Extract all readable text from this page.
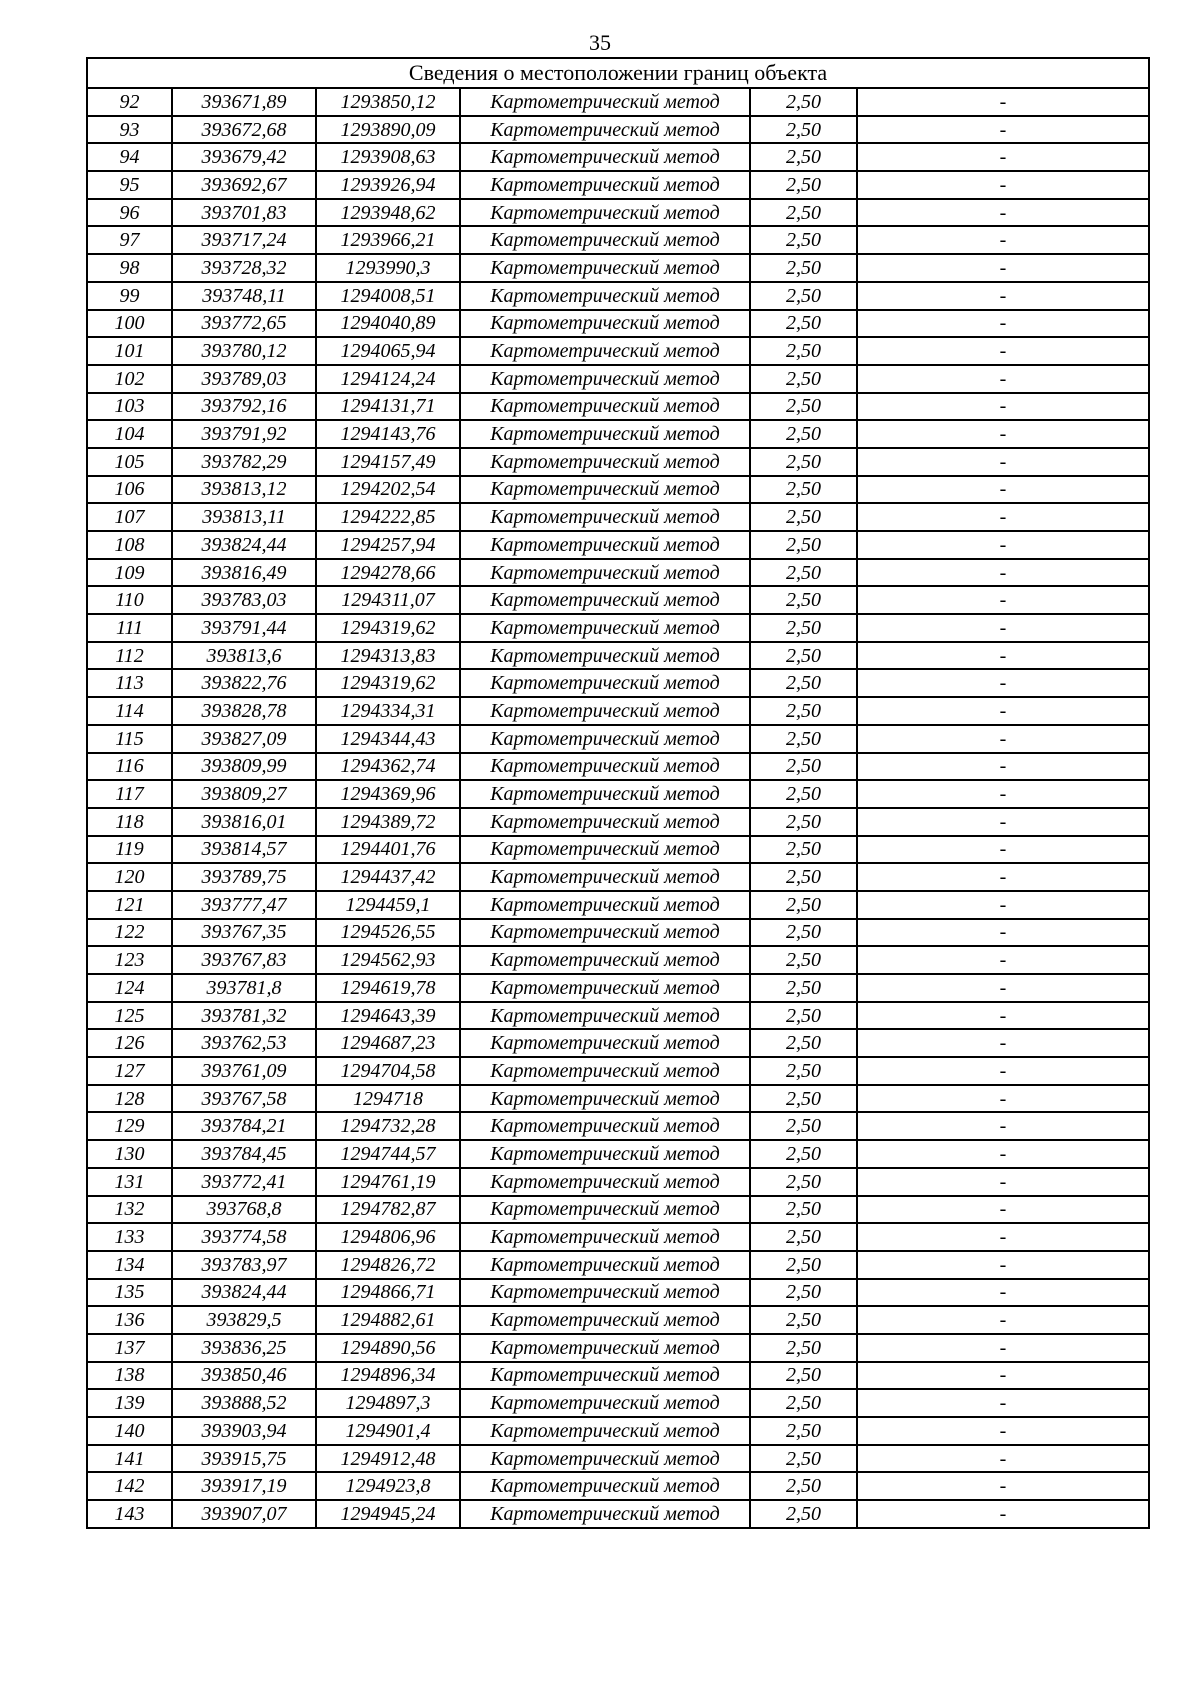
35
Сведения о местоположении границ объекта					
92	393671,89	1293850,12	Картометрический метод	2,50	-
93	393672,68	1293890,09	Картометрический метод	2,50	-
94	393679,42	1293908,63	Картометрический метод	2,50	-
95	393692,67	1293926,94	Картометрический метод	2,50	-
96	393701,83	1293948,62	Картометрический метод	2,50	-
97	393717,24	1293966,21	Картометрический метод	2,50	-
98	393728,32	1293990,3	Картометрический метод	2,50	-
99	393748,11	1294008,51	Картометрический метод	2,50	-
100	393772,65	1294040,89	Картометрический метод	2,50	-
101	393780,12	1294065,94	Картометрический метод	2,50	-
102	393789,03	1294124,24	Картометрический метод	2,50	-
103	393792,16	1294131,71	Картометрический метод	2,50	-
104	393791,92	1294143,76	Картометрический метод	2,50	-
105	393782,29	1294157,49	Картометрический метод	2,50	-
106	393813,12	1294202,54	Картометрический метод	2,50	-
107	393813,11	1294222,85	Картометрический метод	2,50	-
108	393824,44	1294257,94	Картометрический метод	2,50	-
109	393816,49	1294278,66	Картометрический метод	2,50	-
110	393783,03	1294311,07	Картометрический метод	2,50	-
111	393791,44	1294319,62	Картометрический метод	2,50	-
112	393813,6	1294313,83	Картометрический метод	2,50	-
113	393822,76	1294319,62	Картометрический метод	2,50	-
114	393828,78	1294334,31	Картометрический метод	2,50	-
115	393827,09	1294344,43	Картометрический метод	2,50	-
116	393809,99	1294362,74	Картометрический метод	2,50	-
117	393809,27	1294369,96	Картометрический метод	2,50	-
118	393816,01	1294389,72	Картометрический метод	2,50	-
119	393814,57	1294401,76	Картометрический метод	2,50	-
120	393789,75	1294437,42	Картометрический метод	2,50	-
121	393777,47	1294459,1	Картометрический метод	2,50	-
122	393767,35	1294526,55	Картометрический метод	2,50	-
123	393767,83	1294562,93	Картометрический метод	2,50	-
124	393781,8	1294619,78	Картометрический метод	2,50	-
125	393781,32	1294643,39	Картометрический метод	2,50	-
126	393762,53	1294687,23	Картометрический метод	2,50	-
127	393761,09	1294704,58	Картометрический метод	2,50	-
128	393767,58	1294718	Картометрический метод	2,50	-
129	393784,21	1294732,28	Картометрический метод	2,50	-
130	393784,45	1294744,57	Картометрический метод	2,50	-
131	393772,41	1294761,19	Картометрический метод	2,50	-
132	393768,8	1294782,87	Картометрический метод	2,50	-
133	393774,58	1294806,96	Картометрический метод	2,50	-
134	393783,97	1294826,72	Картометрический метод	2,50	-
135	393824,44	1294866,71	Картометрический метод	2,50	-
136	393829,5	1294882,61	Картометрический метод	2,50	-
137	393836,25	1294890,56	Картометрический метод	2,50	-
138	393850,46	1294896,34	Картометрический метод	2,50	-
139	393888,52	1294897,3	Картометрический метод	2,50	-
140	393903,94	1294901,4	Картометрический метод	2,50	-
141	393915,75	1294912,48	Картометрический метод	2,50	-
142	393917,19	1294923,8	Картометрический метод	2,50	-
143	393907,07	1294945,24	Картометрический метод	2,50	-
